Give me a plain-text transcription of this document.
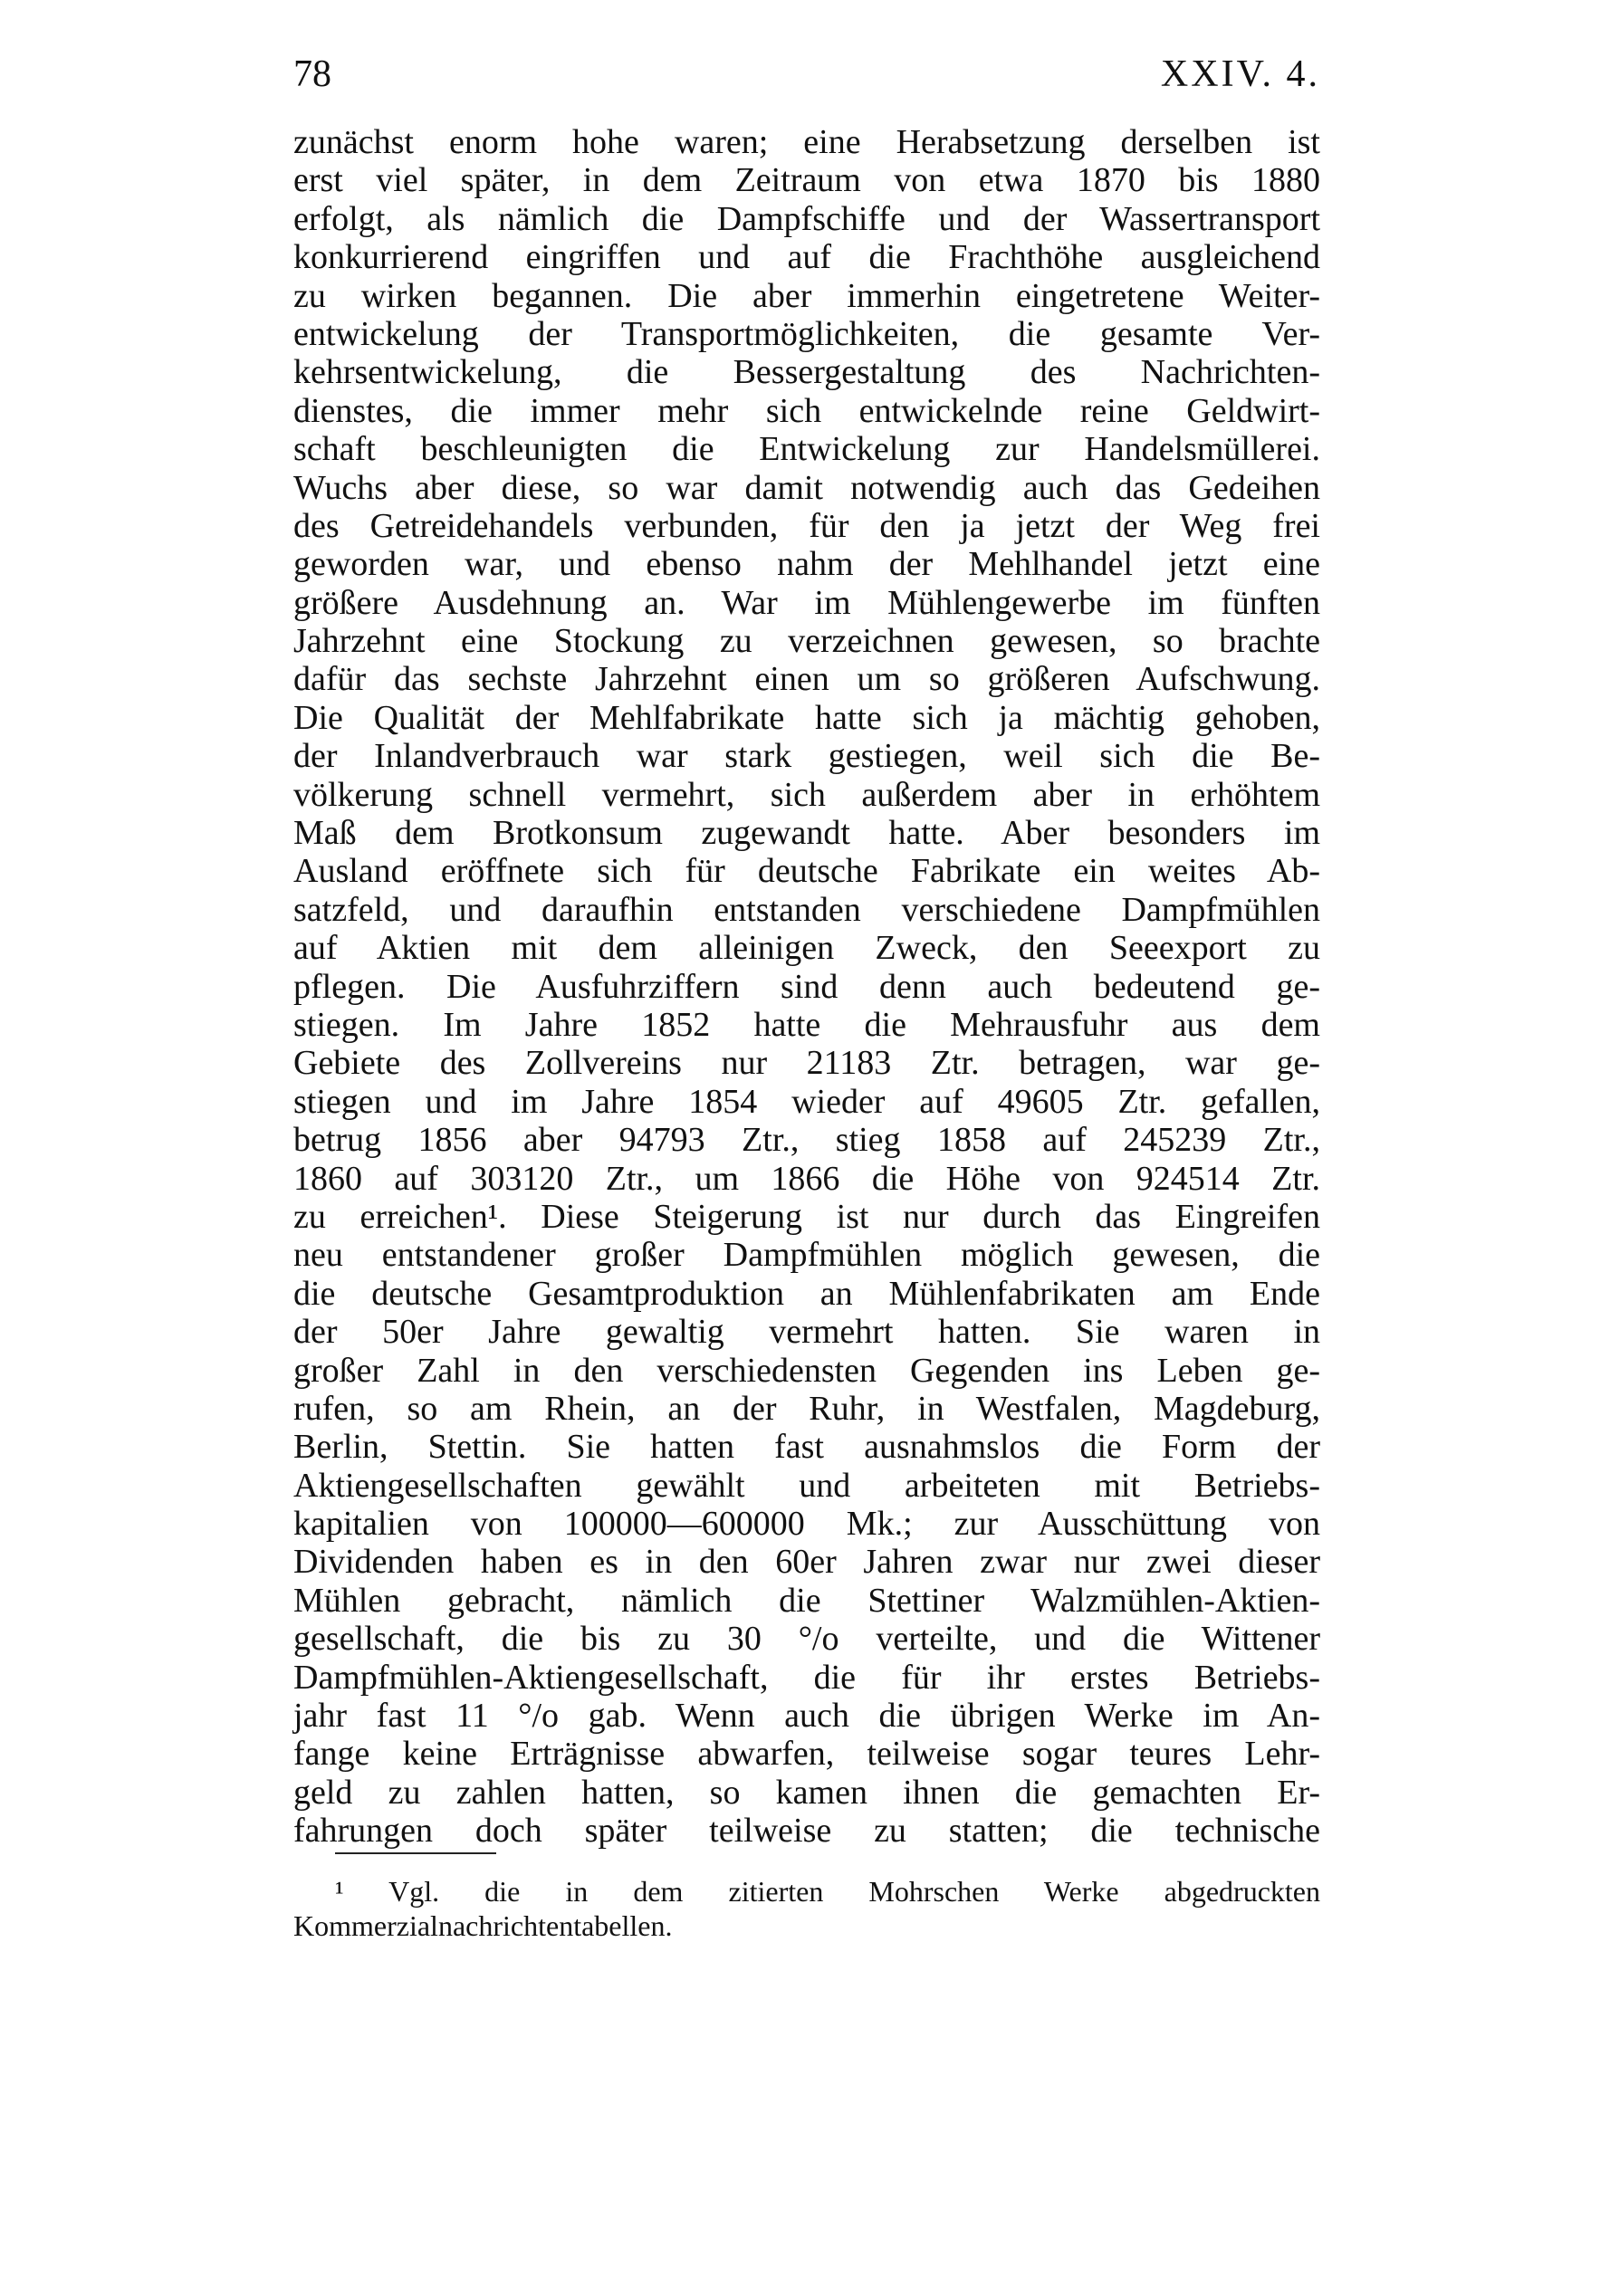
78	XXIV. 4.
zunächst enorm hohe waren; eine Herabsetzung derselben ist
erst viel später, in dem Zeitraum von etwa 1870 bis 1880
erfolgt, als nämlich die Dampfschiffe und der Wassertransport
konkurrierend eingriffen und auf die Frachthöhe ausgleichend
zu wirken begannen. Die aber immerhin eingetretene Weiter-
entwickelung der Transportmöglichkeiten, die gesamte Ver-
kehrsentwickelung, die Bessergestaltung des Nachrichten-
dienstes, die immer mehr sich entwickelnde reine Geldwirt-
schaft beschleunigten die Entwickelung zur Handelsmüllerei.
Wuchs aber diese, so war damit notwendig auch das Gedeihen
des Getreidehandels verbunden, für den ja jetzt der Weg frei
geworden war, und ebenso nahm der Mehlhandel jetzt eine
größere Ausdehnung an. War im Mühlengewerbe im fünften
Jahrzehnt eine Stockung zu verzeichnen gewesen, so brachte
dafür das sechste Jahrzehnt einen um so größeren Aufschwung.
Die Qualität der Mehlfabrikate hatte sich ja mächtig gehoben,
der Inlandverbrauch war stark gestiegen, weil sich die Be-
völkerung schnell vermehrt, sich außerdem aber in erhöhtem
Maß dem Brotkonsum zugewandt hatte. Aber besonders im
Ausland eröffnete sich für deutsche Fabrikate ein weites Ab-
satzfeld, und daraufhin entstanden verschiedene Dampfmühlen
auf Aktien mit dem alleinigen Zweck, den Seeexport zu
pflegen. Die Ausfuhrziffern sind denn auch bedeutend ge-
stiegen. Im Jahre 1852 hatte die Mehrausfuhr aus dem
Gebiete des Zollvereins nur 21183 Ztr. betragen, war ge-
stiegen und im Jahre 1854 wieder auf 49605 Ztr. gefallen,
betrug 1856 aber 94793 Ztr., stieg 1858 auf 245239 Ztr.,
1860 auf 303120 Ztr., um 1866 die Höhe von 924514 Ztr.
zu erreichen¹. Diese Steigerung ist nur durch das Eingreifen
neu entstandener großer Dampfmühlen möglich gewesen, die
die deutsche Gesamtproduktion an Mühlenfabrikaten am Ende
der 50er Jahre gewaltig vermehrt hatten. Sie waren in
großer Zahl in den verschiedensten Gegenden ins Leben ge-
rufen, so am Rhein, an der Ruhr, in Westfalen, Magdeburg,
Berlin, Stettin. Sie hatten fast ausnahmslos die Form der
Aktiengesellschaften gewählt und arbeiteten mit Betriebs-
kapitalien von 100000—600000 Mk.; zur Ausschüttung von
Dividenden haben es in den 60er Jahren zwar nur zwei dieser
Mühlen gebracht, nämlich die Stettiner Walzmühlen-Aktien-
gesellschaft, die bis zu 30 °/o verteilte, und die Wittener
Dampfmühlen-Aktiengesellschaft, die für ihr erstes Betriebs-
jahr fast 11 °/o gab. Wenn auch die übrigen Werke im An-
fange keine Erträgnisse abwarfen, teilweise sogar teures Lehr-
geld zu zahlen hatten, so kamen ihnen die gemachten Er-
fahrungen doch später teilweise zu statten; die technische
¹ Vgl. die in dem zitierten Mohrschen Werke abgedruckten
Kommerzialnachrichtentabellen.
